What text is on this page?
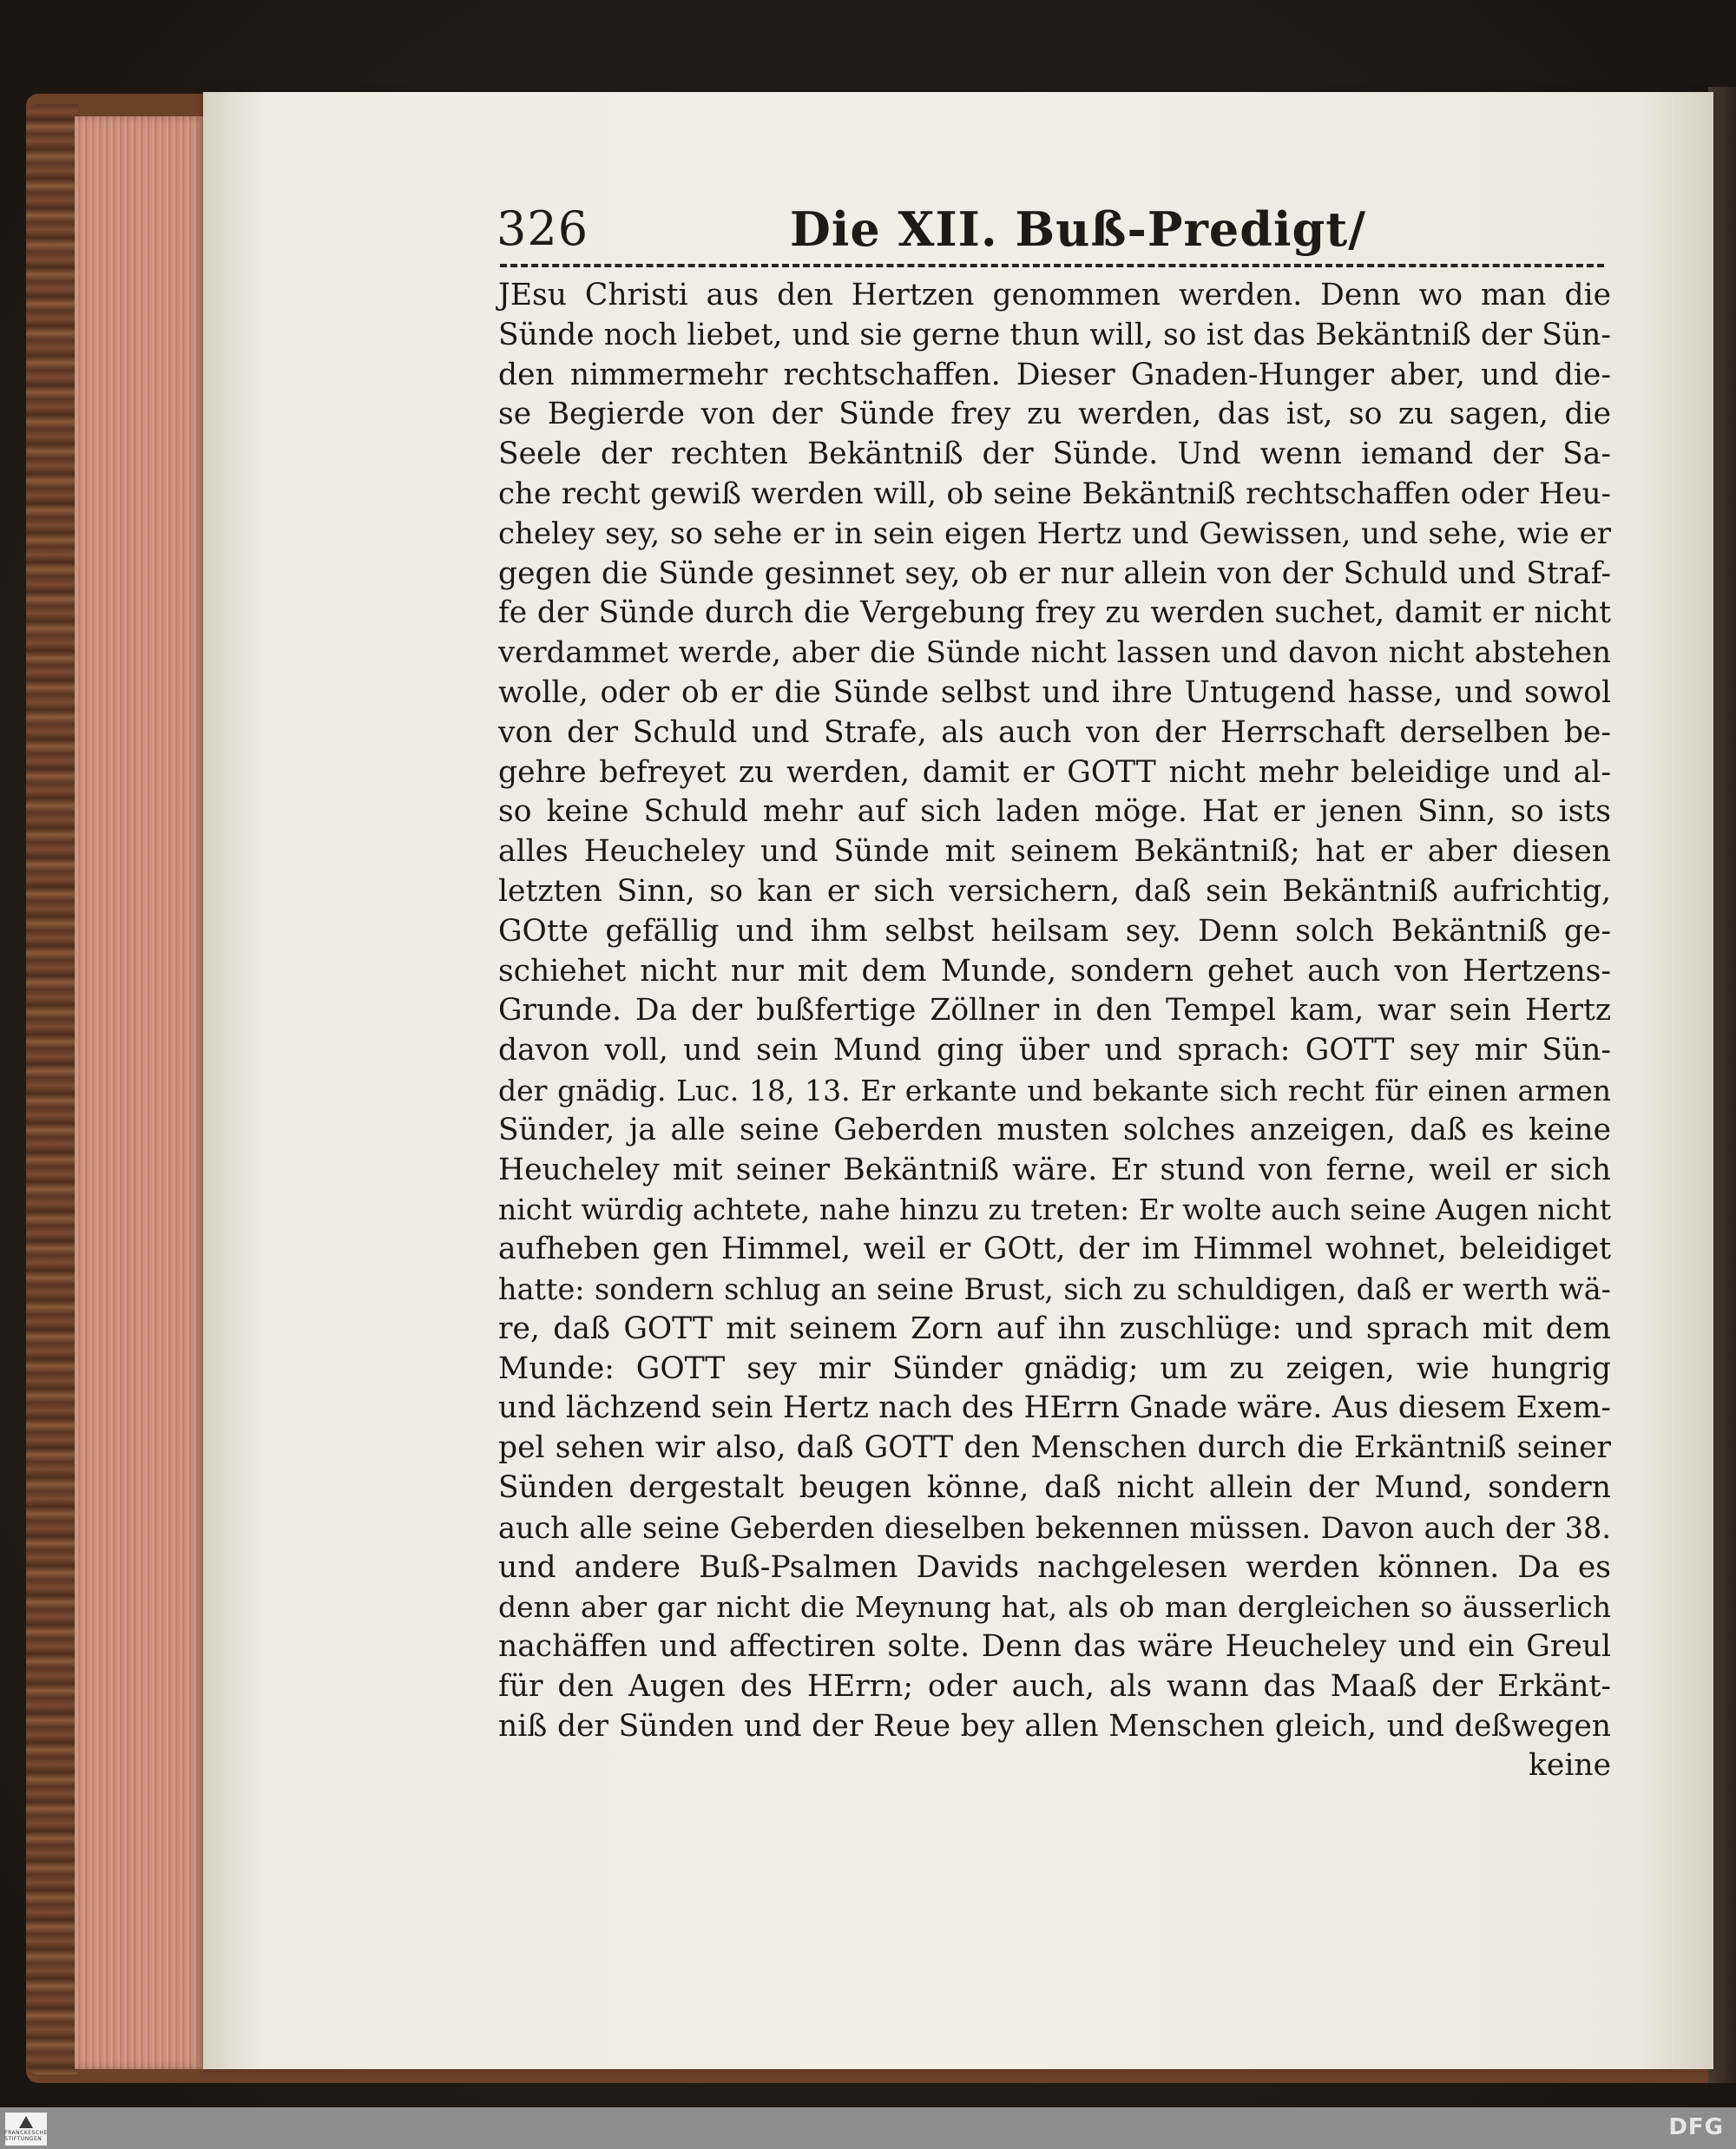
326	Die XII. Buß-Predigt/
JEsu Christi aus den Hertzen genommen werden. Denn wo man die
Sünde noch liebet, und sie gerne thun will, so ist das Bekäntniß der Sün-
den nimmermehr rechtschaffen. Dieser Gnaden-Hunger aber, und die-
se Begierde von der Sünde frey zu werden, das ist, so zu sagen, die
Seele der rechten Bekäntniß der Sünde. Und wenn iemand der Sa-
che recht gewiß werden will, ob seine Bekäntniß rechtschaffen oder Heu-
cheley sey, so sehe er in sein eigen Hertz und Gewissen, und sehe, wie er
gegen die Sünde gesinnet sey, ob er nur allein von der Schuld und Straf-
fe der Sünde durch die Vergebung frey zu werden suchet, damit er nicht
verdammet werde, aber die Sünde nicht lassen und davon nicht abstehen
wolle, oder ob er die Sünde selbst und ihre Untugend hasse, und sowol
von der Schuld und Strafe, als auch von der Herrschaft derselben be-
gehre befreyet zu werden, damit er GOTT nicht mehr beleidige und al-
so keine Schuld mehr auf sich laden möge. Hat er jenen Sinn, so ists
alles Heucheley und Sünde mit seinem Bekäntniß; hat er aber diesen
letzten Sinn, so kan er sich versichern, daß sein Bekäntniß aufrichtig,
GOtte gefällig und ihm selbst heilsam sey. Denn solch Bekäntniß ge-
schiehet nicht nur mit dem Munde, sondern gehet auch von Hertzens-
Grunde. Da der bußfertige Zöllner in den Tempel kam, war sein Hertz
davon voll, und sein Mund ging über und sprach: GOTT sey mir Sün-
der gnädig. Luc. 18, 13. Er erkante und bekante sich recht für einen armen
Sünder, ja alle seine Geberden musten solches anzeigen, daß es keine
Heucheley mit seiner Bekäntniß wäre. Er stund von ferne, weil er sich
nicht würdig achtete, nahe hinzu zu treten: Er wolte auch seine Augen nicht
aufheben gen Himmel, weil er GOtt, der im Himmel wohnet, beleidiget
hatte: sondern schlug an seine Brust, sich zu schuldigen, daß er werth wä-
re, daß GOTT mit seinem Zorn auf ihn zuschlüge: und sprach mit dem
Munde: GOTT sey mir Sünder gnädig; um zu zeigen, wie hungrig
und lächzend sein Hertz nach des HErrn Gnade wäre. Aus diesem Exem-
pel sehen wir also, daß GOTT den Menschen durch die Erkäntniß seiner
Sünden dergestalt beugen könne, daß nicht allein der Mund, sondern
auch alle seine Geberden dieselben bekennen müssen. Davon auch der 38.
und andere Buß-Psalmen Davids nachgelesen werden können. Da es
denn aber gar nicht die Meynung hat, als ob man dergleichen so äusserlich
nachäffen und affectiren solte. Denn das wäre Heucheley und ein Greul
für den Augen des HErrn; oder auch, als wann das Maaß der Erkänt-
niß der Sünden und der Reue bey allen Menschen gleich, und deßwegen
keine
FRANCKESCHE STIFTUNGEN	DFG
